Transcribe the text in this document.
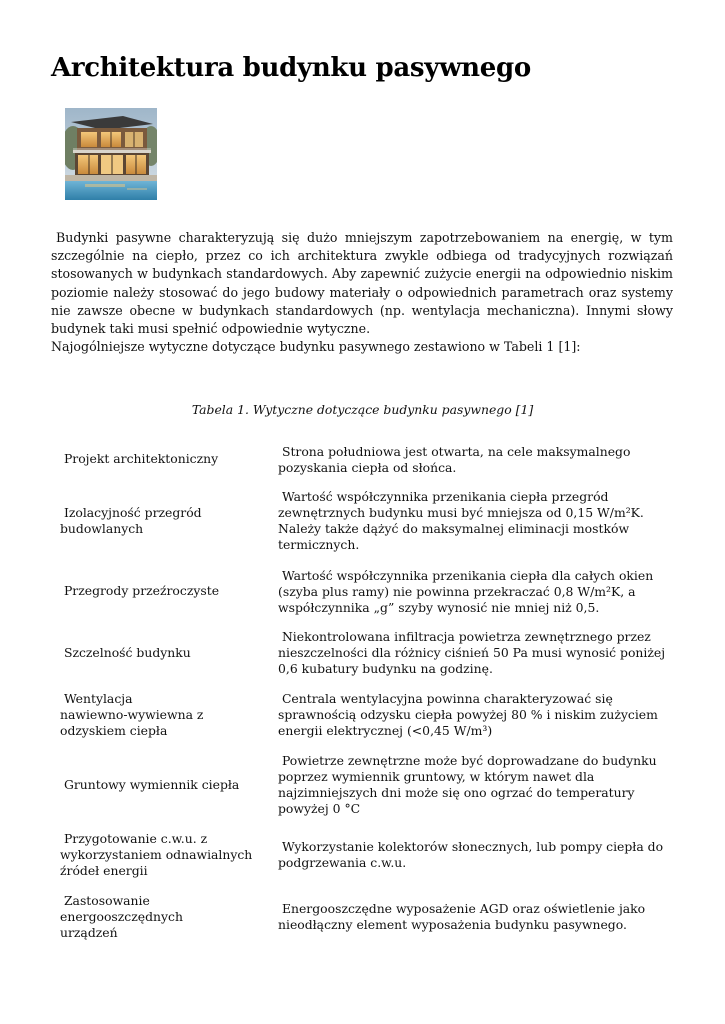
Architektura budynku pasywnego

Budynki pasywne charakteryzują się dużo mniejszym zapotrzebowaniem na energię, w tym szczególnie na ciepło, przez co ich architektura zwykle odbiega od tradycyjnych rozwiązań stosowanych w budynkach standardowych. Aby zapewnić zużycie energii na odpowiednio niskim poziomie należy stosować do jego budowy materiały o odpowiednich parametrach oraz systemy nie zawsze obecne w budynkach standardowych (np. wentylacja mechaniczna). Innymi słowy budynek taki musi spełnić odpowiednie wytyczne.

Najogólniejsze wytyczne dotyczące budynku pasywnego zestawiono w Tabeli 1 [1]:

Tabela 1. Wytyczne dotyczące budynku pasywnego [1]
Projekt architektoniczny	Strona południowa jest otwarta, na cele maksymalnego
pozyskania ciepła od słońca.
Izolacyjność przegród
budowlanych
Wartość współczynnika przenikania ciepła przegród
zewnętrznych budynku musi być mniejsza od 0,15 W/m²K.
Należy także dążyć do maksymalnej eliminacji mostków
termicznych.
Przegrody przeźroczyste
Wartość współczynnika przenikania ciepła dla całych okien
(szyba plus ramy) nie powinna przekraczać 0,8 W/m²K, a
współczynnika „g” szyby wynosić nie mniej niż 0,5.
Szczelność budynku
Niekontrolowana infiltracja powietrza zewnętrznego przez
nieszczelności dla różnicy ciśnień 50 Pa musi wynosić poniżej
0,6 kubatury budynku na godzinę.
Wentylacja
nawiewno-wywiewna z
odzyskiem ciepła
Centrala wentylacyjna powinna charakteryzować się
sprawnością odzysku ciepła powyżej 80 % i niskim zużyciem
energii elektrycznej (<0,45 W/m³)
Gruntowy wymiennik ciepła
Powietrze zewnętrzne może być doprowadzane do budynku
poprzez wymiennik gruntowy, w którym nawet dla
najzimniejszych dni może się ono ogrzać do temperatury
powyżej 0 °C
Przygotowanie c.w.u. z
wykorzystaniem odnawialnych
źródeł energii
Wykorzystanie kolektorów słonecznych, lub pompy ciepła do
podgrzewania c.w.u.
Zastosowanie
energooszczędnych
urządzeń
Energooszczędne wyposażenie AGD oraz oświetlenie jako
nieodłączny element wyposażenia budynku pasywnego.
